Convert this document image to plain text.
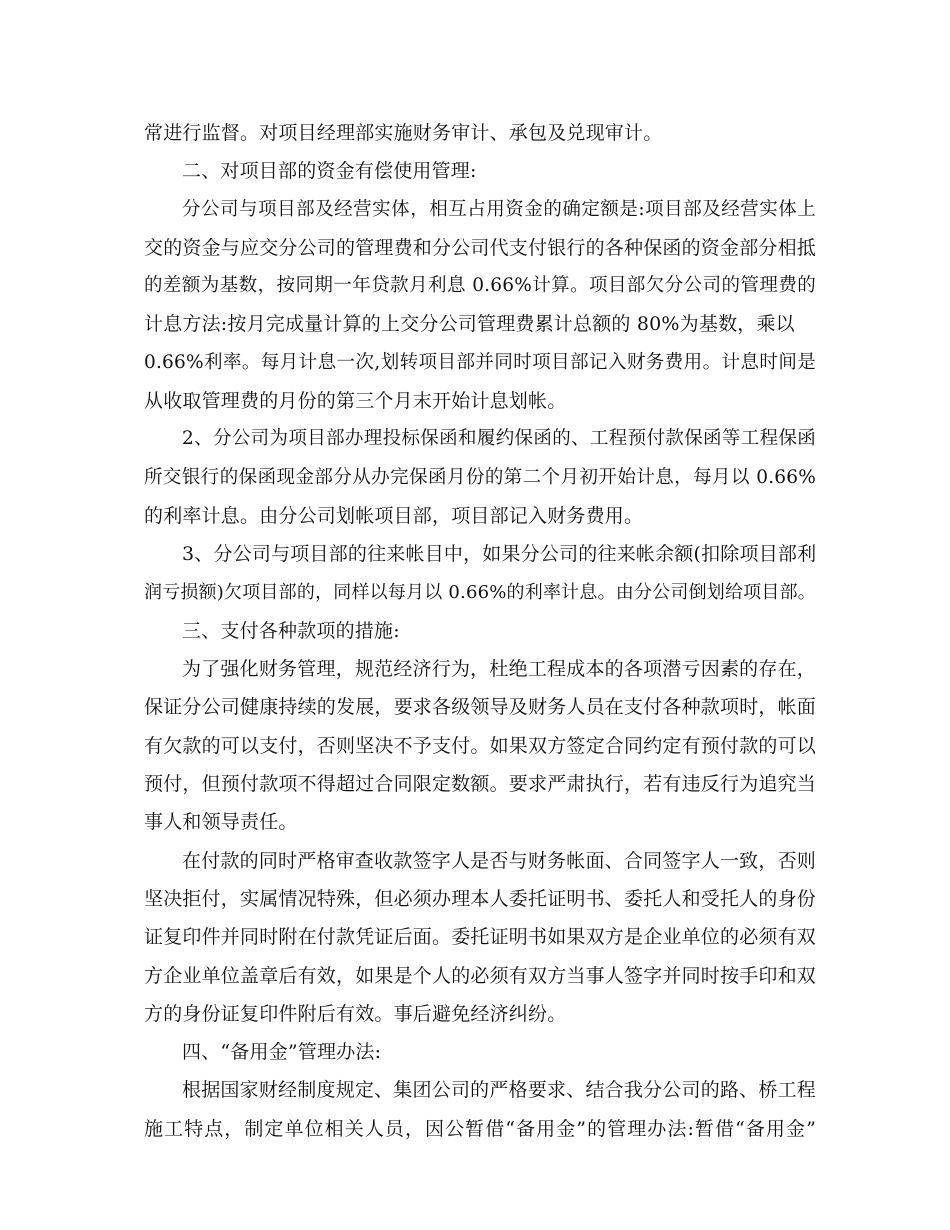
常进行监督。对项目经理部实施财务审计、承包及兑现审计。
二、对项目部的资金有偿使用管理:
分公司与项目部及经营实体，相互占用资金的确定额是:项目部及经营实体上
交的资金与应交分公司的管理费和分公司代支付银行的各种保函的资金部分相抵
的差额为基数，按同期一年贷款月利息 0.66%计算。项目部欠分公司的管理费的
计息方法:按月完成量计算的上交分公司管理费累计总额的 80%为基数，乘以
0.66%利率。每月计息一次,划转项目部并同时项目部记入财务费用。计息时间是
从收取管理费的月份的第三个月末开始计息划帐。
2、分公司为项目部办理投标保函和履约保函的、工程预付款保函等工程保函
所交银行的保函现金部分从办完保函月份的第二个月初开始计息，每月以 0.66%
的利率计息。由分公司划帐项目部，项目部记入财务费用。
3、分公司与项目部的往来帐目中，如果分公司的往来帐余额(扣除项目部利
润亏损额)欠项目部的，同样以每月以 0.66%的利率计息。由分公司倒划给项目部。
三、支付各种款项的措施:
为了强化财务管理，规范经济行为，杜绝工程成本的各项潜亏因素的存在，
保证分公司健康持续的发展，要求各级领导及财务人员在支付各种款项时，帐面
有欠款的可以支付，否则坚决不予支付。如果双方签定合同约定有预付款的可以
预付，但预付款项不得超过合同限定数额。要求严肃执行，若有违反行为追究当
事人和领导责任。
在付款的同时严格审查收款签字人是否与财务帐面、合同签字人一致，否则
坚决拒付，实属情况特殊，但必须办理本人委托证明书、委托人和受托人的身份
证复印件并同时附在付款凭证后面。委托证明书如果双方是企业单位的必须有双
方企业单位盖章后有效，如果是个人的必须有双方当事人签字并同时按手印和双
方的身份证复印件附后有效。事后避免经济纠纷。
四、“备用金”管理办法:
根据国家财经制度规定、集团公司的严格要求、结合我分公司的路、桥工程
施工特点，制定单位相关人员，因公暂借“备用金”的管理办法:暂借“备用金”
